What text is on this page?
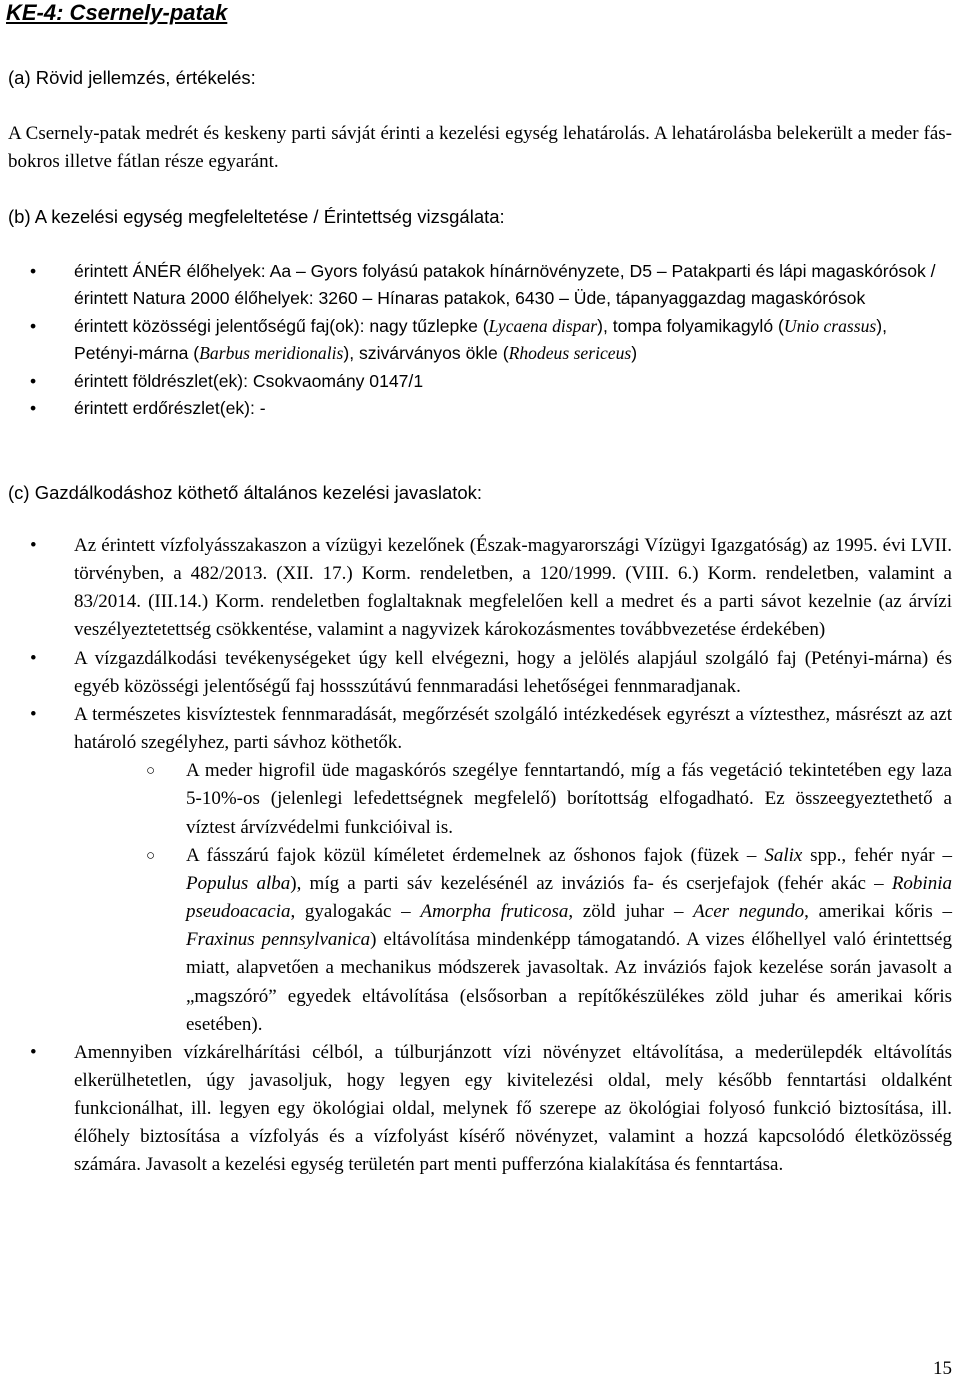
KE-4: Csernely-patak
(a) Rövid jellemzés, értékelés:
A Csernely-patak medrét és keskeny parti sávját érinti a kezelési egység lehatárolás. A lehatárolásba belekerült a meder fás-bokros illetve fátlan része egyaránt.
(b) A kezelési egység megfeleltetése / Érintettség vizsgálata:
• érintett ÁNÉR élőhelyek: Aa – Gyors folyású patakok hínárnövényzete, D5 – Patakparti és lápi magaskórósok / érintett Natura 2000 élőhelyek: 3260 – Hínaras patakok, 6430 – Üde, tápanyaggazdag magaskórósok
• érintett közösségi jelentőségű faj(ok): nagy tűzlepke (Lycaena dispar), tompa folyamikagyló (Unio crassus), Petényi-márna (Barbus meridionalis), szivárványos ökle (Rhodeus sericeus)
• érintett földrészlet(ek): Csokvaomány 0147/1
• érintett erdőrészlet(ek): -
(c) Gazdálkodáshoz köthető általános kezelési javaslatok:
• Az érintett vízfolyásszakaszon a vízügyi kezelőnek (Észak-magyarországi Vízügyi Igazgatóság) az 1995. évi LVII. törvényben, a 482/2013. (XII. 17.) Korm. rendeletben, a 120/1999. (VIII. 6.) Korm. rendeletben, valamint a 83/2014. (III.14.) Korm. rendeletben foglaltaknak megfelelően kell a medret és a parti sávot kezelnie (az árvízi veszélyeztetettség csökkentése, valamint a nagyvizek károkozásmentes továbbvezetése érdekében)
• A vízgazdálkodási tevékenységeket úgy kell elvégezni, hogy a jelölés alapjául szolgáló faj (Petényi-márna) és egyéb közösségi jelentőségű faj hossszútávú fennmaradási lehetőségei fennmaradjanak.
• A természetes kisvíztestek fennmaradását, megőrzését szolgáló intézkedések egyrészt a víztesthez, másrészt az azt határoló szegélyhez, parti sávhoz köthetők.
○ A meder higrofil üde magaskórós szegélye fenntartandó, míg a fás vegetáció tekintetében egy laza 5-10%-os (jelenlegi lefedettségnek megfelelő) borítottság elfogadható. Ez összeegyeztethető a víztest árvízvédelmi funkcióival is.
○ A fásszárú fajok közül kíméletet érdemelnek az őshonos fajok (füzek – Salix spp., fehér nyár – Populus alba), míg a parti sáv kezelésénél az inváziós fa- és cserjefajok (fehér akác – Robinia pseudoacacia, gyalogakác – Amorpha fruticosa, zöld juhar – Acer negundo, amerikai kőris – Fraxinus pennsylvanica) eltávolítása mindenképp támogatandó. A vizes élőhellyel való érintettség miatt, alapvetően a mechanikus módszerek javasoltak. Az inváziós fajok kezelése során javasolt a „magszóró” egyedek eltávolítása (elsősorban a repítőkészülékes zöld juhar és amerikai kőris esetében).
• Amennyiben vízkárelhárítási célból, a túlburjánzott vízi növényzet eltávolítása, a mederülepdék eltávolítás elkerülhetetlen, úgy javasoljuk, hogy legyen egy kivitelezési oldal, mely később fenntartási oldalként funkcionálhat, ill. legyen egy ökológiai oldal, melynek fő szerepe az ökológiai folyosó funkció biztosítása, ill. élőhely biztosítása a vízfolyás és a vízfolyást kísérő növényzet, valamint a hozzá kapcsolódó életközösség számára. Javasolt a kezelési egység területén part menti pufferzóna kialakítása és fenntartása.
15
